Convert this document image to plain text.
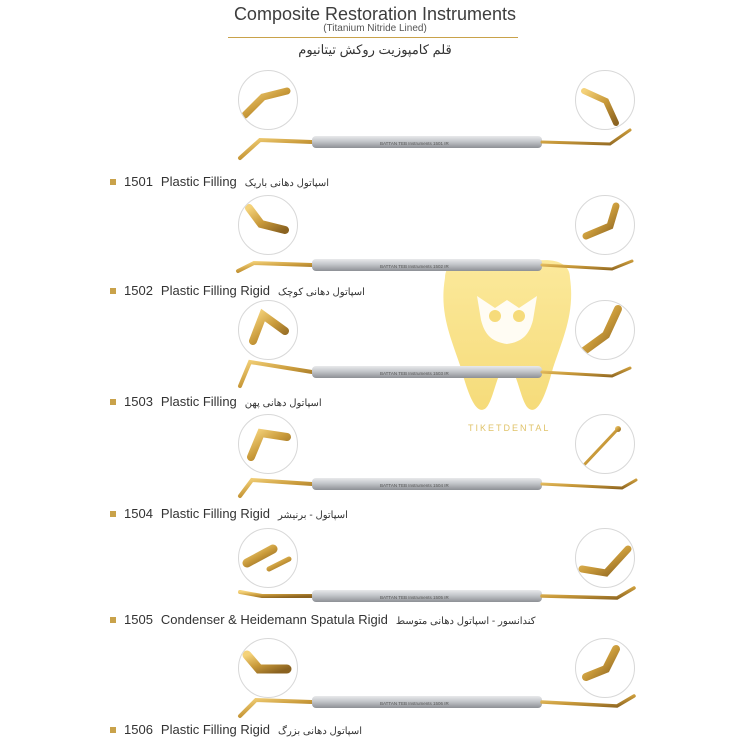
Composite Restoration Instruments
(Titanium Nitride Lined)
قلم کامپوزیت روکش تیتانیوم
TIKETDENTAL
BATTAN TEB Instruments 1501 IR
1501 Plastic Filling اسپاتول دهانی باریک
BATTAN TEB Instruments 1502 IR
1502 Plastic Filling Rigid اسپاتول دهانی کوچک
BATTAN TEB Instruments 1503 IR
1503 Plastic Filling اسپاتول دهانی پهن
BATTAN TEB Instruments 1504 IR
1504 Plastic Filling Rigid اسپاتول - برنیشر
BATTAN TEB Instruments 1505 IR
1505 Condenser & Heidemann Spatula Rigid کندانسور - اسپاتول دهانی متوسط
BATTAN TEB Instruments 1506 IR
1506 Plastic Filling Rigid اسپاتول دهانی بزرگ
